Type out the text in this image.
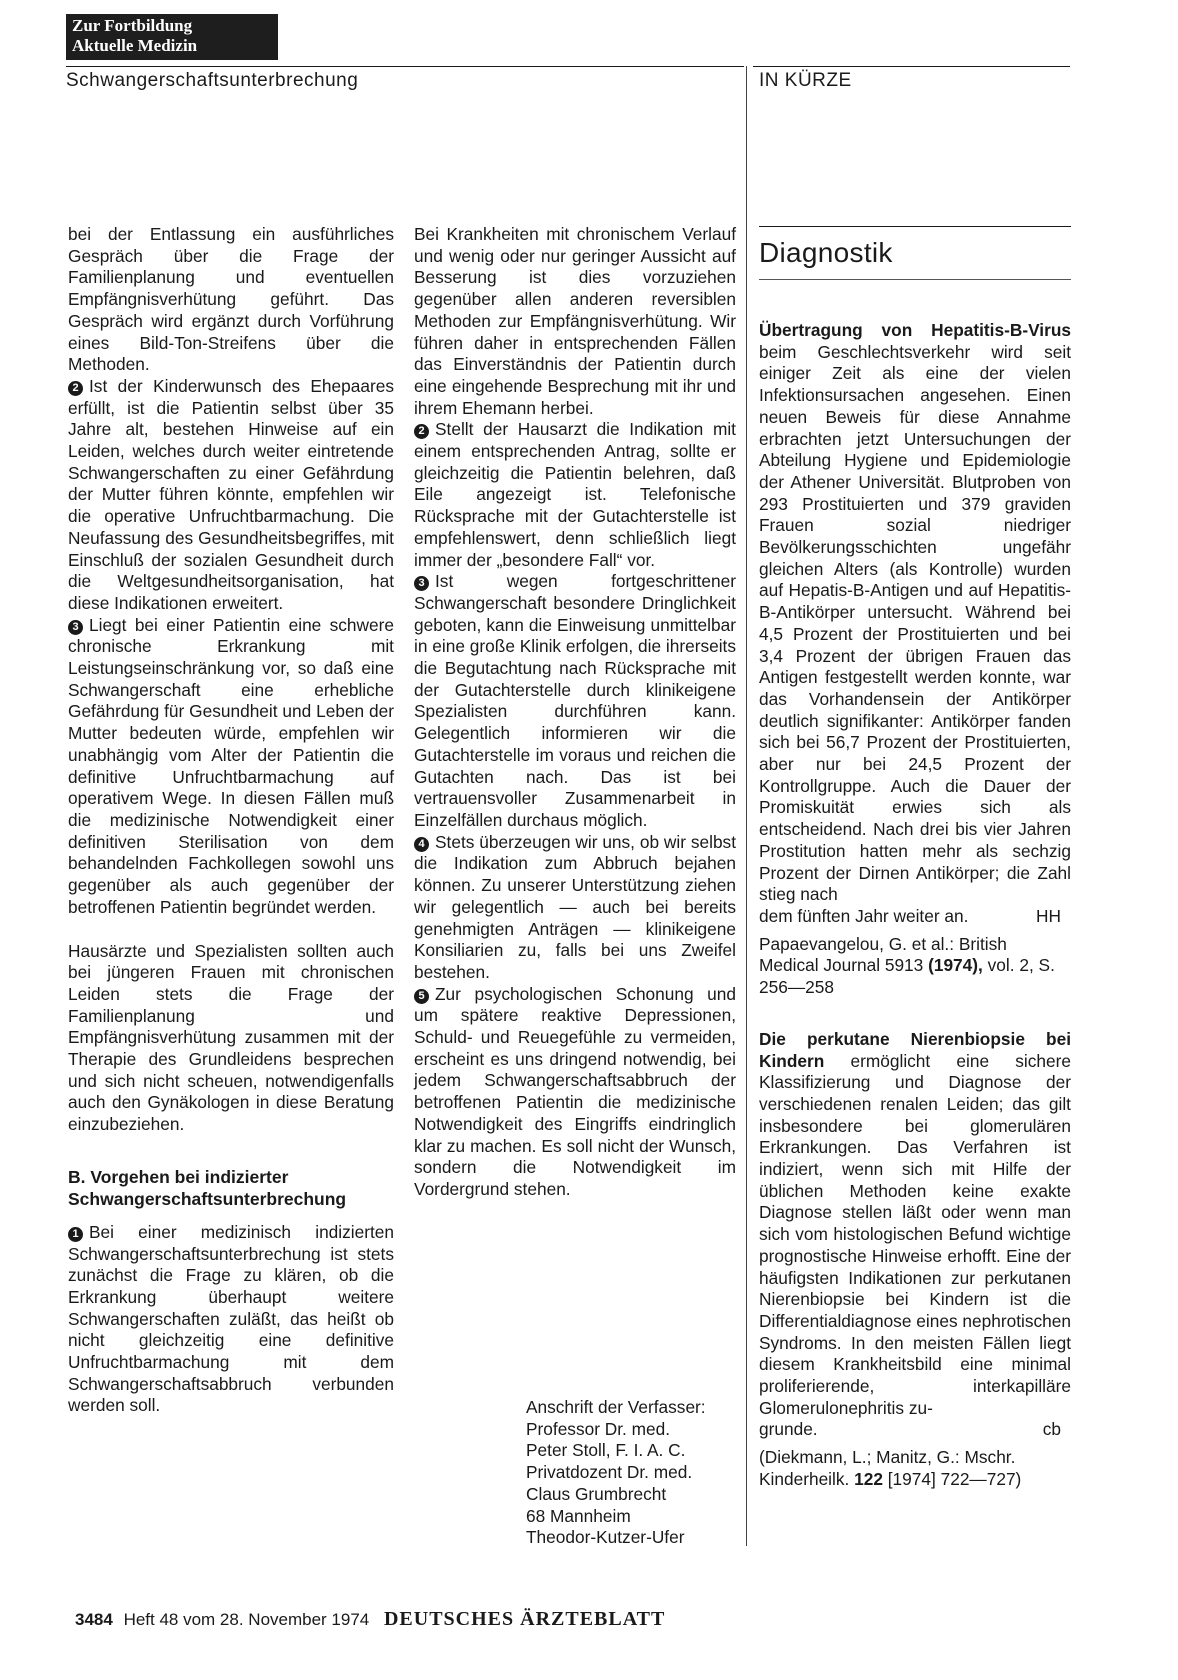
Zur Fortbildung
Aktuelle Medizin
Schwangerschaftsunterbrechung	IN KÜRZE

bei der Entlassung ein ausführliches Gespräch über die Frage der Familienplanung und eventuellen Empfängnisverhütung geführt. Das Gespräch wird ergänzt durch Vorführung eines Bild-Ton-Streifens über die Methoden.

2 Ist der Kinderwunsch des Ehepaares erfüllt, ist die Patientin selbst über 35 Jahre alt, bestehen Hinweise auf ein Leiden, welches durch weiter eintretende Schwangerschaften zu einer Gefährdung der Mutter führen könnte, empfehlen wir die operative Unfruchtbarmachung. Die Neufassung des Gesundheitsbegriffes, mit Einschluß der sozialen Gesundheit durch die Weltgesundheitsorganisation, hat diese Indikationen erweitert.

3 Liegt bei einer Patientin eine schwere chronische Erkrankung mit Leistungseinschränkung vor, so daß eine Schwangerschaft eine erhebliche Gefährdung für Gesundheit und Leben der Mutter bedeuten würde, empfehlen wir unabhängig vom Alter der Patientin die definitive Unfruchtbarmachung auf operativem Wege. In diesen Fällen muß die medizinische Notwendigkeit einer definitiven Sterilisation von dem behandelnden Fachkollegen sowohl uns gegenüber als auch gegenüber der betroffenen Patientin begründet werden.

Hausärzte und Spezialisten sollten auch bei jüngeren Frauen mit chronischen Leiden stets die Frage der Familienplanung und Empfängnisverhütung zusammen mit der Therapie des Grundleidens besprechen und sich nicht scheuen, notwendigenfalls auch den Gynäkologen in diese Beratung einzubeziehen.

B. Vorgehen bei indizierter
Schwangerschaftsunterbrechung

1 Bei einer medizinisch indizierten Schwangerschaftsunterbrechung ist stets zunächst die Frage zu klären, ob die Erkrankung überhaupt weitere Schwangerschaften zuläßt, das heißt ob nicht gleichzeitig eine definitive Unfruchtbarmachung mit dem Schwangerschaftsabbruch verbunden werden soll.

Bei Krankheiten mit chronischem Verlauf und wenig oder nur geringer Aussicht auf Besserung ist dies vorzuziehen gegenüber allen anderen reversiblen Methoden zur Empfängnisverhütung. Wir führen daher in entsprechenden Fällen das Einverständnis der Patientin durch eine eingehende Besprechung mit ihr und ihrem Ehemann herbei.

2 Stellt der Hausarzt die Indikation mit einem entsprechenden Antrag, sollte er gleichzeitig die Patientin belehren, daß Eile angezeigt ist. Telefonische Rücksprache mit der Gutachterstelle ist empfehlenswert, denn schließlich liegt immer der „besondere Fall“ vor.

3 Ist wegen fortgeschrittener Schwangerschaft besondere Dringlichkeit geboten, kann die Einweisung unmittelbar in eine große Klinik erfolgen, die ihrerseits die Begutachtung nach Rücksprache mit der Gutachterstelle durch klinikeigene Spezialisten durchführen kann. Gelegentlich informieren wir die Gutachterstelle im voraus und reichen die Gutachten nach. Das ist bei vertrauensvoller Zusammenarbeit in Einzelfällen durchaus möglich.

4 Stets überzeugen wir uns, ob wir selbst die Indikation zum Abbruch bejahen können. Zu unserer Unterstützung ziehen wir gelegentlich — auch bei bereits genehmigten Anträgen — klinikeigene Konsiliarien zu, falls bei uns Zweifel bestehen.

5 Zur psychologischen Schonung und um spätere reaktive Depressionen, Schuld- und Reuegefühle zu vermeiden, erscheint es uns dringend notwendig, bei jedem Schwangerschaftsabbruch der betroffenen Patientin die medizinische Notwendigkeit des Eingriffs eindringlich klar zu machen. Es soll nicht der Wunsch, sondern die Notwendigkeit im Vordergrund stehen.

Anschrift der Verfasser:
Professor Dr. med.
Peter Stoll, F. I. A. C.
Privatdozent Dr. med.
Claus Grumbrecht
68 Mannheim
Theodor-Kutzer-Ufer
Diagnostik

Übertragung von Hepatitis-B-Virus beim Geschlechtsverkehr wird seit einiger Zeit als eine der vielen Infektionsursachen angesehen. Einen neuen Beweis für diese Annahme erbrachten jetzt Untersuchungen der Abteilung Hygiene und Epidemiologie der Athener Universität. Blutproben von 293 Prostituierten und 379 graviden Frauen sozial niedriger Bevölkerungsschichten ungefähr gleichen Alters (als Kontrolle) wurden auf Hepatis-B-Antigen und auf Hepatitis-B-Antikörper untersucht. Während bei 4,5 Prozent der Prostituierten und bei 3,4 Prozent der übrigen Frauen das Antigen festgestellt werden konnte, war das Vorhandensein der Antikörper deutlich signifikanter: Antikörper fanden sich bei 56,7 Prozent der Prostituierten, aber nur bei 24,5 Prozent der Kontrollgruppe. Auch die Dauer der Promiskuität erwies sich als entscheidend. Nach drei bis vier Jahren Prostitution hatten mehr als sechzig Prozent der Dirnen Antikörper; die Zahl stieg nach

dem fünften Jahr weiter an.	HH

Papaevangelou, G. et al.: British Medical Journal 5913 (1974), vol. 2, S. 256—258

Die perkutane Nierenbiopsie bei Kindern ermöglicht eine sichere Klassifizierung und Diagnose der verschiedenen renalen Leiden; das gilt insbesondere bei glomerulären Erkrankungen. Das Verfahren ist indiziert, wenn sich mit Hilfe der üblichen Methoden keine exakte Diagnose stellen läßt oder wenn man sich vom histologischen Befund wichtige prognostische Hinweise erhofft. Eine der häufigsten Indikationen zur perkutanen Nierenbiopsie bei Kindern ist die Differentialdiagnose eines nephrotischen Syndroms. In den meisten Fällen liegt diesem Krankheitsbild eine minimal proliferierende, interkapilläre Glomerulonephritis zu-

grunde.	cb

(Diekmann, L.; Manitz, G.: Mschr. Kinderheilk. 122 [1974] 722—727)

3484 Heft 48 vom 28. November 1974 DEUTSCHES ÄRZTEBLATT
